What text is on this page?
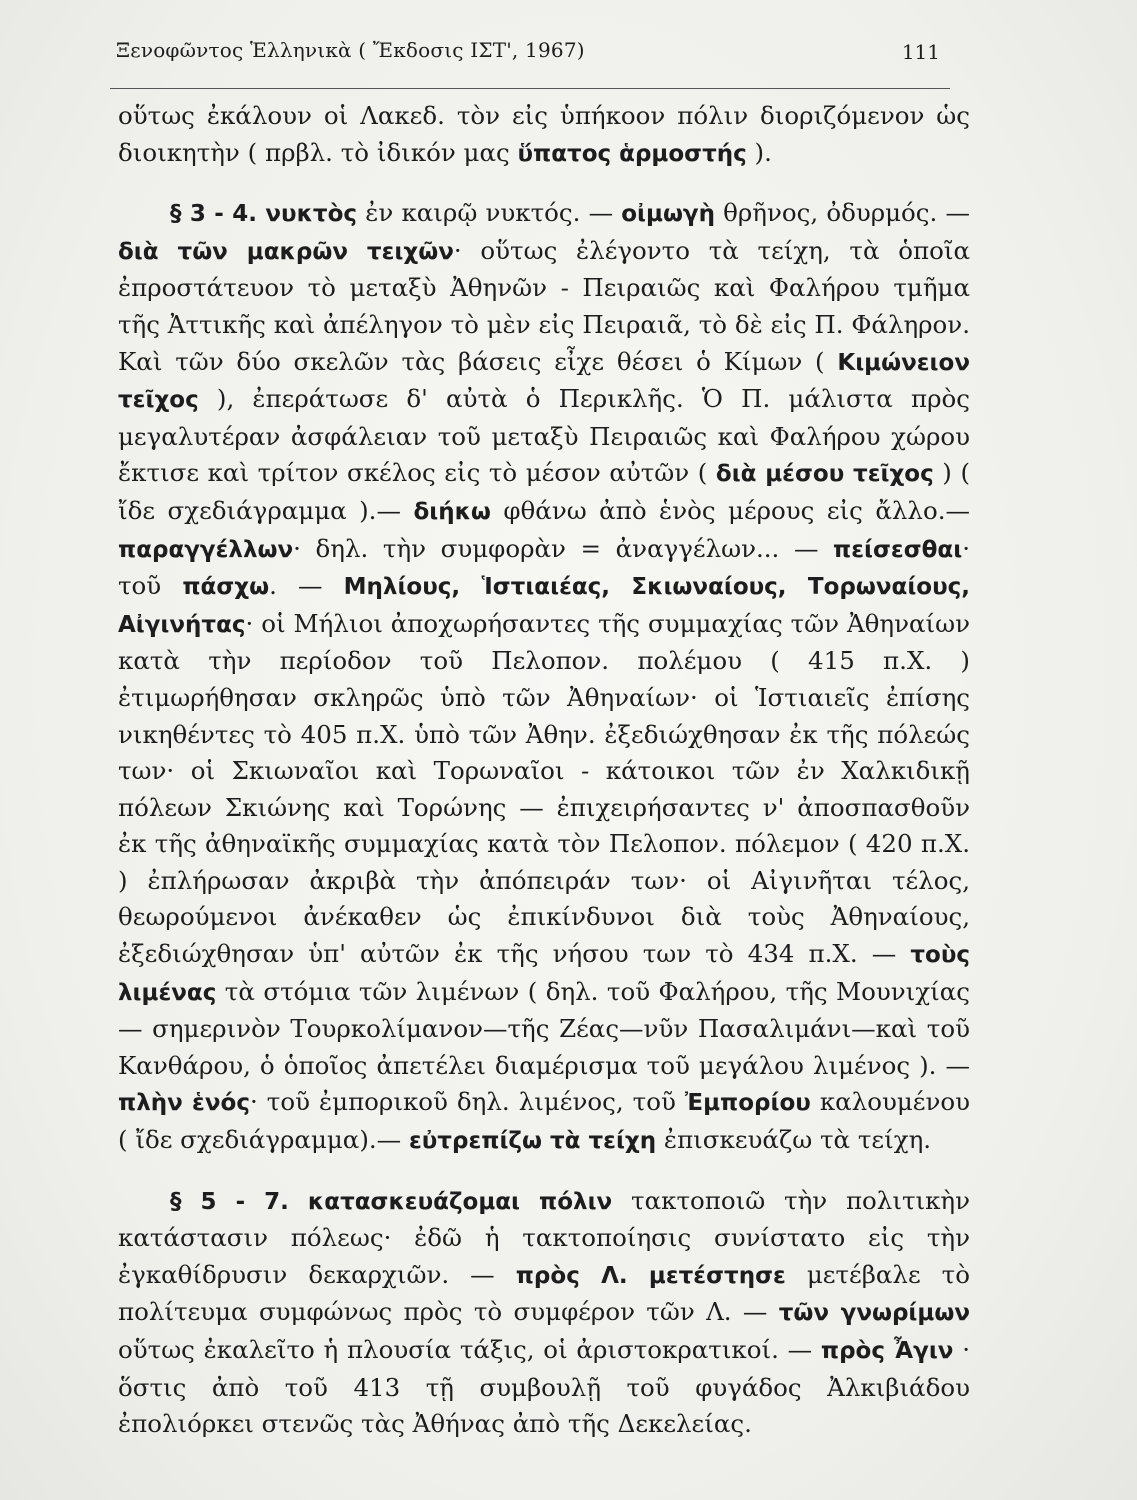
Ξενοφῶντος Ἑλληνικὰ ( Ἔκδοσις ΙΣΤ', 1967)	111

οὕτως ἐκάλουν οἱ Λακεδ. τὸν εἰς ὑπήκοον πόλιν διοριζόμενον ὡς διοικητὴν ( πρβλ. τὸ ἰδικόν μας ὕπατος ἁρμοστής ).

§ 3 - 4. νυκτὸς ἐν καιρῷ νυκτός. — οἰμωγὴ θρῆνος, ὀδυρμός. — διὰ τῶν μακρῶν τειχῶν· οὕτως ἐλέγοντο τὰ τείχη, τὰ ὁποῖα ἐπροστάτευον τὸ μεταξὺ Ἀθηνῶν - Πειραιῶς καὶ Φαλήρου τμῆμα τῆς Ἀττικῆς καὶ ἀπέληγον τὸ μὲν εἰς Πειραιᾶ, τὸ δὲ εἰς Π. Φάληρον. Καὶ τῶν δύο σκελῶν τὰς βάσεις εἶχε θέσει ὁ Κίμων ( Κιμώνειον τεῖχος ), ἐπεράτωσε δ' αὐτὰ ὁ Περικλῆς. Ὁ Π. μάλιστα πρὸς μεγαλυτέραν ἀσφάλειαν τοῦ μεταξὺ Πειραιῶς καὶ Φαλήρου χώρου ἔκτισε καὶ τρίτον σκέλος εἰς τὸ μέσον αὐτῶν ( διὰ μέσου τεῖχος ) ( ἴδε σχεδιάγραμμα ).— διήκω φθάνω ἀπὸ ἑνὸς μέρους εἰς ἄλλο.— παραγγέλλων· δηλ. τὴν συμφορὰν = ἀναγγέλων... — πείσεσθαι· τοῦ πάσχω. — Μηλίους, Ἱστιαιέας, Σκιωναίους, Τορωναίους, Αἰγινήτας· οἱ Μήλιοι ἀποχωρήσαντες τῆς συμμαχίας τῶν Ἀθηναίων κατὰ τὴν περίοδον τοῦ Πελοπον. πολέμου ( 415 π.Χ. ) ἐτιμωρήθησαν σκληρῶς ὑπὸ τῶν Ἀθηναίων· οἱ Ἱστιαιεῖς ἐπίσης νικηθέντες τὸ 405 π.Χ. ὑπὸ τῶν Ἀθην. ἐξεδιώχθησαν ἐκ τῆς πόλεώς των· οἱ Σκιωναῖοι καὶ Τορωναῖοι - κάτοικοι τῶν ἐν Χαλκιδικῇ πόλεων Σκιώνης καὶ Τορώνης — ἐπιχειρήσαντες ν' ἀποσπασθοῦν ἐκ τῆς ἀθηναϊκῆς συμμαχίας κατὰ τὸν Πελοπον. πόλεμον ( 420 π.Χ. ) ἐπλήρωσαν ἀκριβὰ τὴν ἀπόπειράν των· οἱ Αἰγινῆται τέλος, θεωρούμενοι ἀνέκαθεν ὡς ἐπικίνδυνοι διὰ τοὺς Ἀθηναίους, ἐξεδιώχθησαν ὑπ' αὐτῶν ἐκ τῆς νήσου των τὸ 434 π.Χ. — τοὺς λιμένας τὰ στόμια τῶν λιμένων ( δηλ. τοῦ Φαλήρου, τῆς Μουνιχίας — σημερινὸν Τουρκολίμανον—τῆς Ζέας—νῦν Πασαλιμάνι—καὶ τοῦ Κανθάρου, ὁ ὁποῖος ἀπετέλει διαμέρισμα τοῦ μεγάλου λιμένος ). — πλὴν ἑνός· τοῦ ἐμπορικοῦ δηλ. λιμένος, τοῦ Ἐμπορίου καλουμένου ( ἴδε σχεδιάγραμμα).— εὐτρεπίζω τὰ τείχη ἐπισκευάζω τὰ τείχη.

§ 5 - 7. κατασκευάζομαι πόλιν τακτοποιῶ τὴν πολιτικὴν κατάστασιν πόλεως· ἐδῶ ἡ τακτοποίησις συνίστατο εἰς τὴν ἐγκαθίδρυσιν δεκαρχιῶν. — πρὸς Λ. μετέστησε μετέβαλε τὸ πολίτευμα συμφώνως πρὸς τὸ συμφέρον τῶν Λ. — τῶν γνωρίμων οὕτως ἐκαλεῖτο ἡ πλουσία τάξις, οἱ ἀριστοκρατικοί. — πρὸς Ἆγιν · ὅστις ἀπὸ τοῦ 413 τῇ συμβουλῇ τοῦ φυγάδος Ἀλκιβιάδου ἐπολιόρκει στενῶς τὰς Ἀθήνας ἀπὸ τῆς Δεκελείας.
